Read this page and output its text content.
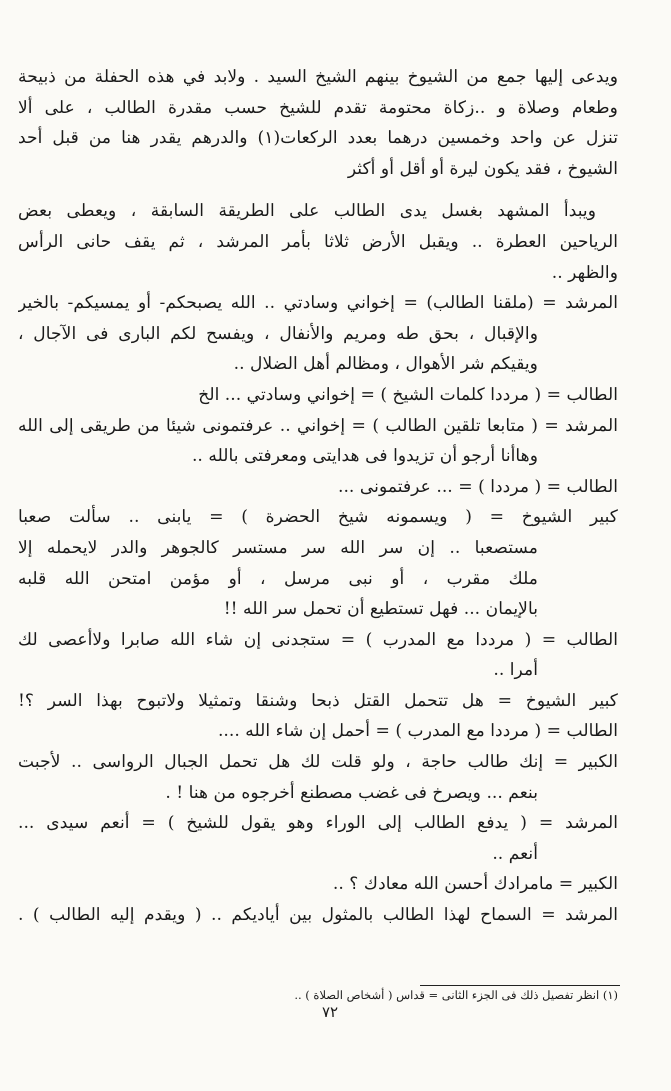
ويدعى إليها جمع من الشيوخ بينهم الشيخ السيد . ولابد في هذه الحفلة من ذبيحة
وطعام وصلاة و ..زكاة محتومة تقدم للشيخ حسب مقدرة الطالب ، على ألا
تنزل عن واحد وخمسين درهما بعدد الركعات(١) والدرهم يقدر هنا من قبل أحد
الشيوخ ، فقد يكون ليرة أو أقل أو أكثر
ويبدأ المشهد بغسل يدى الطالب على الطريقة السابقة ، ويعطى بعض
الرياحين العطرة .. ويقبل الأرض ثلاثا بأمر المرشد ، ثم يقف حانى الرأس
والظهر ..
المرشد = (ملقنا الطالب) = إخواني وسادتي .. الله يصبحكم- أو يمسيكم- بالخير
والإقبال ، بحق طه ومريم والأنفال ، ويفسح لكم البارى فى الآجال ،
ويقيكم شر الأهوال ، ومظالم أهل الضلال ..
الطالب = ( مرددا كلمات الشيخ ) = إخواني وسادتي ... الخ
المرشد = ( متابعا تلقين الطالب ) = إخواني .. عرفتمونى شيئا من طريقى إلى الله
وهاأنا أرجو أن تزيدوا فى هدايتى ومعرفتى بالله ..
الطالب = ( مرددا ) = ... عرفتمونى ...
كبير الشيوخ = ( ويسمونه شيخ الحضرة ) = يابنى .. سألت صعبا
مستصعبا .. إن سر الله سر مستسر كالجوهر والدر لايحمله إلا
ملك مقرب ، أو نبى مرسل ، أو مؤمن امتحن الله قلبه
بالإيمان ... فهل تستطيع أن تحمل سر الله !!
الطالب = ( مرددا مع المدرب ) = ستجدنى إن شاء الله صابرا ولاأعصى لك
أمرا ..
كبير الشيوخ = هل تتحمل القتل ذبحا وشنقا وتمثيلا ولاتبوح بهذا السر ؟!
الطالب = ( مرددا مع المدرب ) = أحمل إن شاء الله ....
الكبير = إنك طالب حاجة ، ولو قلت لك هل تحمل الجبال الرواسى .. لأجبت
بنعم ... ويصرخ فى غضب مصطنع أخرجوه من هنا ! .
المرشد = ( يدفع الطالب إلى الوراء وهو يقول للشيخ ) = أنعم سيدى ...
أنعم ..
الكبير = مامرادك أحسن الله معادك ؟ ..
المرشد = السماح لهذا الطالب بالمثول بين أياديكم .. ( ويقدم إليه الطالب ) .
(١) انظر تفصيل ذلك فى الجزء الثانى = قداس ( أشخاص الصلاة ) ..
٧٢
